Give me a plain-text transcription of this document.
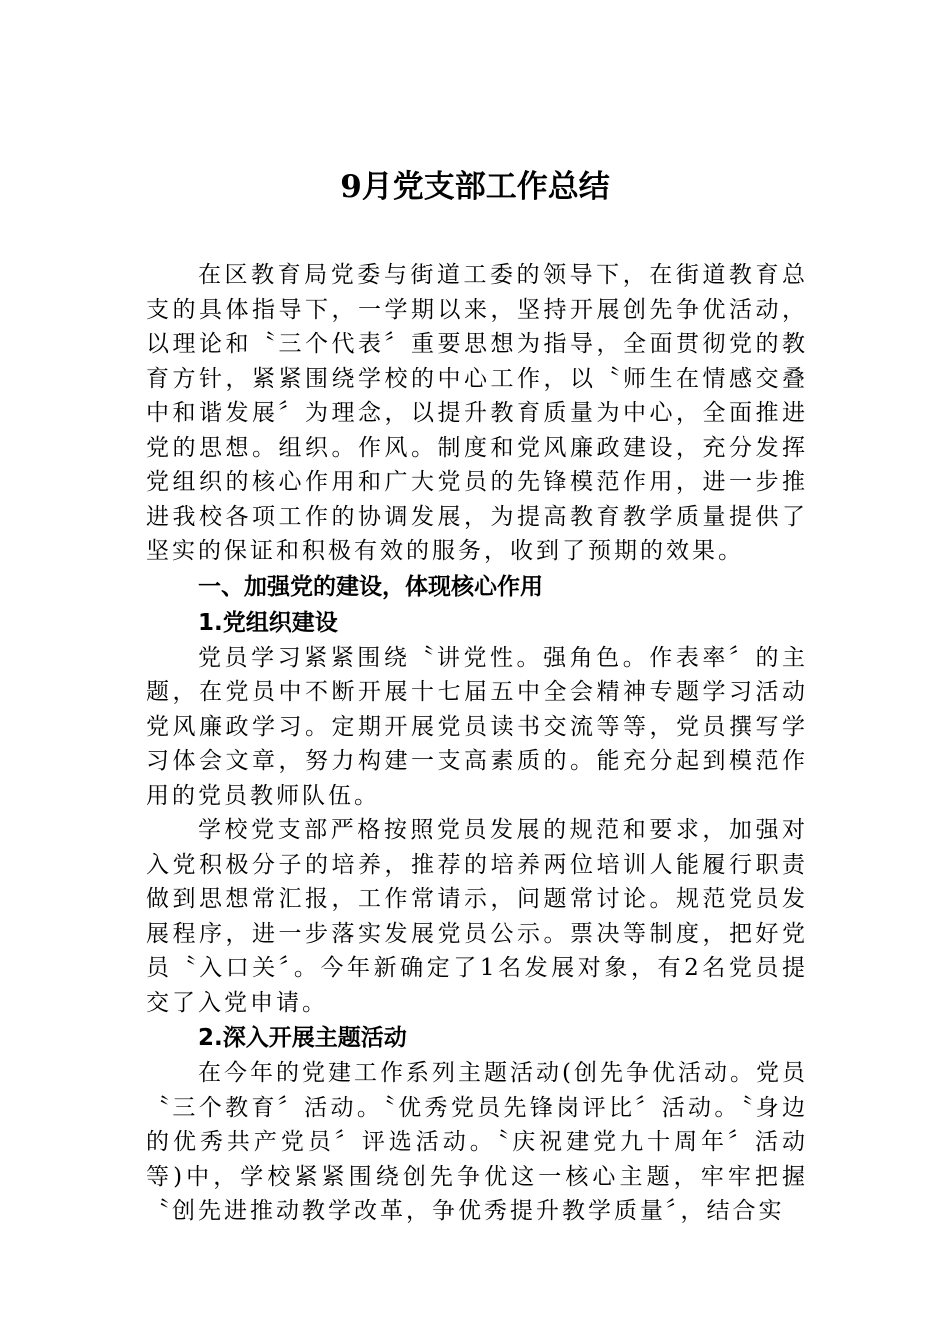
9月党支部工作总结

在区教育局党委与街道工委的领导下，在街道教育总支的具体指导下，一学期以来，坚持开展创先争优活动，以理论和〝三个代表〞重要思想为指导，全面贯彻党的教育方针，紧紧围绕学校的中心工作，以〝师生在情感交叠中和谐发展〞为理念，以提升教育质量为中心，全面推进党的思想。组织。作风。制度和党风廉政建设，充分发挥党组织的核心作用和广大党员的先锋模范作用，进一步推进我校各项工作的协调发展，为提高教育教学质量提供了坚实的保证和积极有效的服务，收到了预期的效果。

一、加强党的建设，体现核心作用

1.党组织建设

党员学习紧紧围绕〝讲党性。强角色。作表率〞的主题，在党员中不断开展十七届五中全会精神专题学习活动党风廉政学习。定期开展党员读书交流等等，党员撰写学习体会文章，努力构建一支高素质的。能充分起到模范作用的党员教师队伍。

学校党支部严格按照党员发展的规范和要求，加强对入党积极分子的培养，推荐的培养两位培训人能履行职责做到思想常汇报，工作常请示，问题常讨论。规范党员发展程序，进一步落实发展党员公示。票决等制度，把好党员〝入口关〞。今年新确定了1名发展对象，有2名党员提交了入党申请。

2.深入开展主题活动

在今年的党建工作系列主题活动(创先争优活动。党员〝三个教育〞活动。〝优秀党员先锋岗评比〞活动。〝身边的优秀共产党员〞评选活动。〝庆祝建党九十周年〞活动等)中，学校紧紧围绕创先争优这一核心主题，牢牢把握〝创先进推动教学改革，争优秀提升教学质量〞，结合实
